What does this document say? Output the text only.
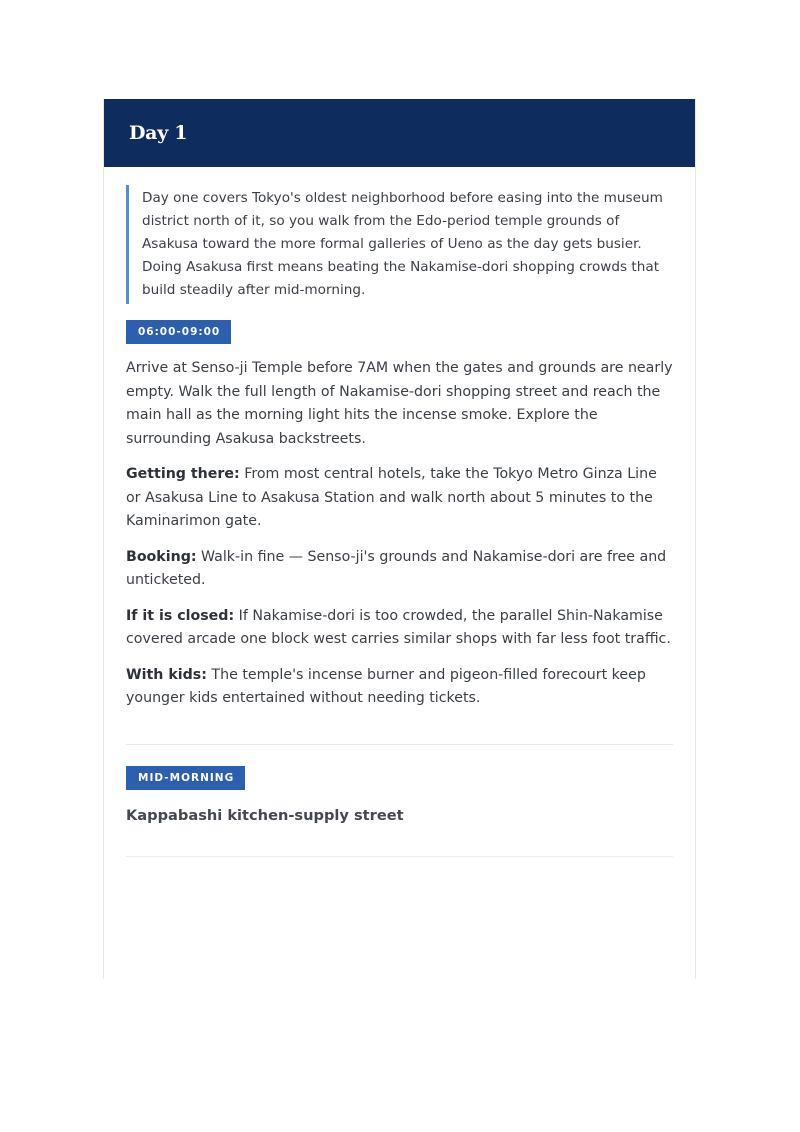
Day 1

Day one covers Tokyo's oldest neighborhood before easing into the museum district north of it, so you walk from the Edo-period temple grounds of Asakusa toward the more formal galleries of Ueno as the day gets busier. Doing Asakusa first means beating the Nakamise-dori shopping crowds that build steadily after mid-morning.

06:00-09:00

Arrive at Senso-ji Temple before 7AM when the gates and grounds are nearly empty. Walk the full length of Nakamise-dori shopping street and reach the main hall as the morning light hits the incense smoke. Explore the surrounding Asakusa backstreets.

Getting there: From most central hotels, take the Tokyo Metro Ginza Line or Asakusa Line to Asakusa Station and walk north about 5 minutes to the Kaminarimon gate.

Booking: Walk-in fine — Senso-ji's grounds and Nakamise-dori are free and unticketed.

If it is closed: If Nakamise-dori is too crowded, the parallel Shin-Nakamise covered arcade one block west carries similar shops with far less foot traffic.

With kids: The temple's incense burner and pigeon-filled forecourt keep younger kids entertained without needing tickets.

MID-MORNING
Kappabashi kitchen-supply street
